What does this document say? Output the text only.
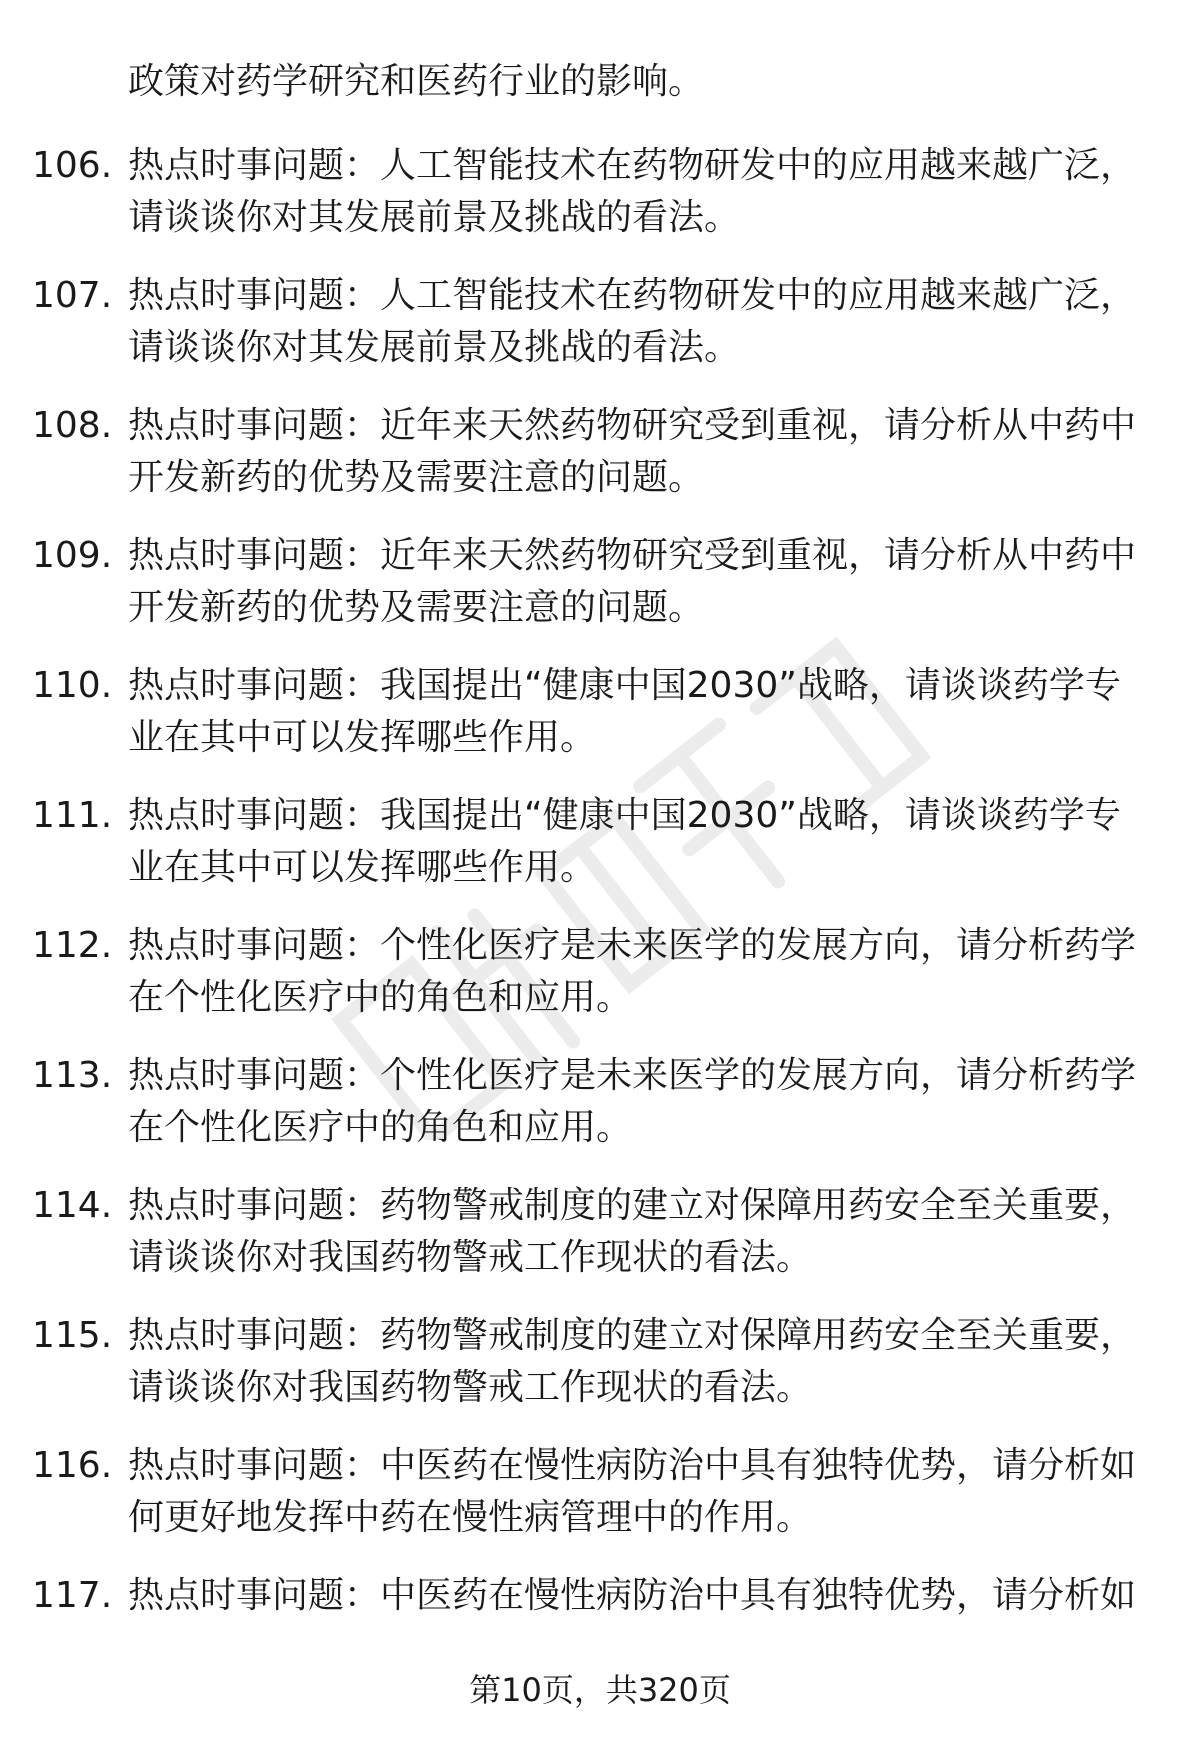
政策对药学研究和医药行业的影响。
106. 热点时事问题：人工智能技术在药物研发中的应用越来越广泛，
请谈谈你对其发展前景及挑战的看法。
107. 热点时事问题：人工智能技术在药物研发中的应用越来越广泛，
请谈谈你对其发展前景及挑战的看法。
108. 热点时事问题：近年来天然药物研究受到重视，请分析从中药中
开发新药的优势及需要注意的问题。
109. 热点时事问题：近年来天然药物研究受到重视，请分析从中药中
开发新药的优势及需要注意的问题。
110. 热点时事问题：我国提出“健康中国2030”战略，请谈谈药学专
业在其中可以发挥哪些作用。
111. 热点时事问题：我国提出“健康中国2030”战略，请谈谈药学专
业在其中可以发挥哪些作用。
112. 热点时事问题：个性化医疗是未来医学的发展方向，请分析药学
在个性化医疗中的角色和应用。
113. 热点时事问题：个性化医疗是未来医学的发展方向，请分析药学
在个性化医疗中的角色和应用。
114. 热点时事问题：药物警戒制度的建立对保障用药安全至关重要，
请谈谈你对我国药物警戒工作现状的看法。
115. 热点时事问题：药物警戒制度的建立对保障用药安全至关重要，
请谈谈你对我国药物警戒工作现状的看法。
116. 热点时事问题：中医药在慢性病防治中具有独特优势，请分析如
何更好地发挥中药在慢性病管理中的作用。
117. 热点时事问题：中医药在慢性病防治中具有独特优势，请分析如
第10页，共320页
